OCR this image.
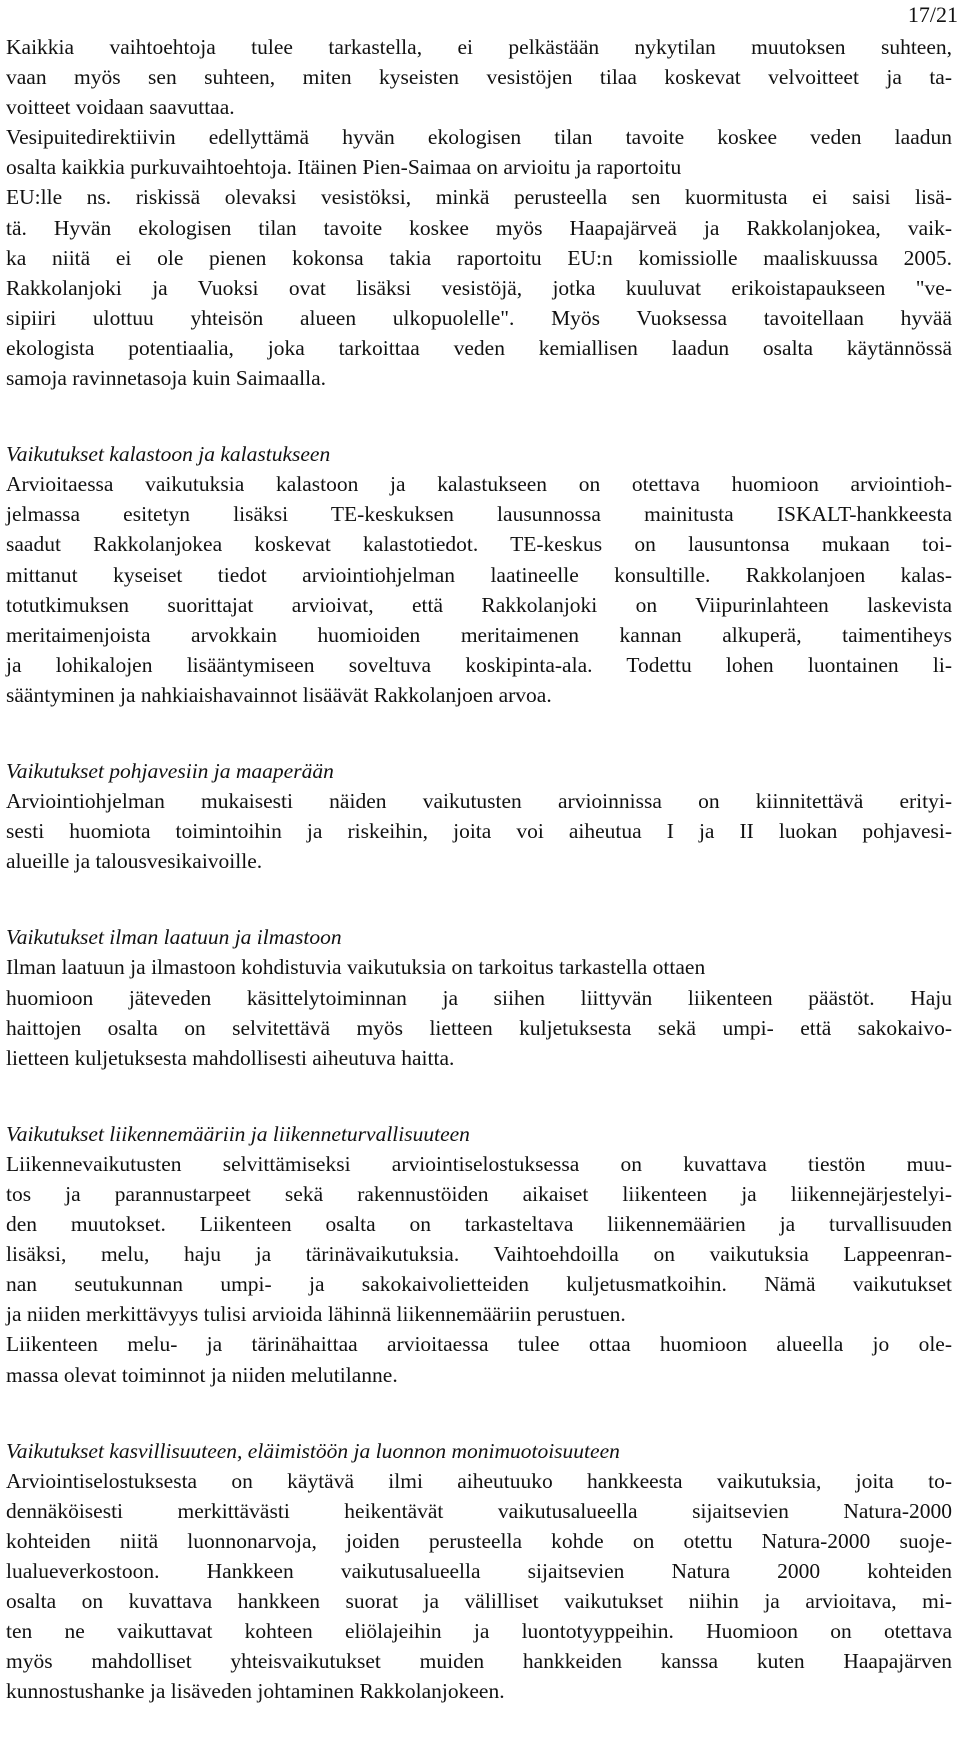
17/21
Kaikkia vaihtoehtoja tulee tarkastella, ei pelkästään nykytilan muutoksen suhteen,
vaan myös sen suhteen, miten kyseisten vesistöjen tilaa koskevat velvoitteet ja ta-
voitteet voidaan saavuttaa.
Vesipuitedirektiivin edellyttämä hyvän ekologisen tilan tavoite koskee veden laadun
osalta kaikkia purkuvaihtoehtoja. Itäinen Pien-Saimaa on arvioitu ja raportoitu
EU:lle ns. riskissä olevaksi vesistöksi, minkä perusteella sen kuormitusta ei saisi lisä-
tä. Hyvän ekologisen tilan tavoite koskee myös Haapajärveä ja Rakkolanjokea, vaik-
ka niitä ei ole pienen kokonsa takia raportoitu EU:n komissiolle maaliskuussa 2005.
Rakkolanjoki ja Vuoksi ovat lisäksi vesistöjä, jotka kuuluvat erikoistapaukseen "ve-
sipiiri ulottuu yhteisön alueen ulkopuolelle". Myös Vuoksessa tavoitellaan hyvää
ekologista potentiaalia, joka tarkoittaa veden kemiallisen laadun osalta käytännössä
samoja ravinnetasoja kuin Saimaalla.
Vaikutukset kalastoon ja kalastukseen
Arvioitaessa vaikutuksia kalastoon ja kalastukseen on otettava huomioon arviointioh-
jelmassa esitetyn lisäksi TE-keskuksen lausunnossa mainitusta ISKALT-hankkeesta
saadut Rakkolanjokea koskevat kalastotiedot. TE-keskus on lausuntonsa mukaan toi-
mittanut kyseiset tiedot arviointiohjelman laatineelle konsultille. Rakkolanjoen kalas-
totutkimuksen suorittajat arvioivat, että Rakkolanjoki on Viipurinlahteen laskevista
meritaimenjoista arvokkain huomioiden meritaimenen kannan alkuperä, taimentiheys
ja lohikalojen lisääntymiseen soveltuva koskipinta-ala. Todettu lohen luontainen li-
sääntyminen ja nahkiaishavainnot lisäävät Rakkolanjoen arvoa.
Vaikutukset pohjavesiin ja maaperään
Arviointiohjelman mukaisesti näiden vaikutusten arvioinnissa on kiinnitettävä erityi-
sesti huomiota toimintoihin ja riskeihin, joita voi aiheutua I ja II luokan pohjavesi-
alueille ja talousvesikaivoille.
Vaikutukset ilman laatuun ja ilmastoon
Ilman laatuun ja ilmastoon kohdistuvia vaikutuksia on tarkoitus tarkastella ottaen
huomioon jäteveden käsittelytoiminnan ja siihen liittyvän liikenteen päästöt. Haju
haittojen osalta on selvitettävä myös lietteen kuljetuksesta sekä umpi- että sakokaivo-
lietteen kuljetuksesta mahdollisesti aiheutuva haitta.
Vaikutukset liikennemääriin ja liikenneturvallisuuteen
Liikennevaikutusten selvittämiseksi arviointiselostuksessa on kuvattava tiestön muu-
tos ja parannustarpeet sekä rakennustöiden aikaiset liikenteen ja liikennejärjestelyi-
den muutokset. Liikenteen osalta on tarkasteltava liikennemäärien ja turvallisuuden
lisäksi, melu, haju ja tärinävaikutuksia. Vaihtoehdoilla on vaikutuksia Lappeenran-
nan seutukunnan umpi- ja sakokaivolietteiden kuljetusmatkoihin. Nämä vaikutukset
ja niiden merkittävyys tulisi arvioida lähinnä liikennemääriin perustuen.
Liikenteen melu- ja tärinähaittaa arvioitaessa tulee ottaa huomioon alueella jo ole-
massa olevat toiminnot ja niiden melutilanne.
Vaikutukset kasvillisuuteen, eläimistöön ja luonnon monimuotoisuuteen
Arviointiselostuksesta on käytävä ilmi aiheutuuko hankkeesta vaikutuksia, joita to-
dennäköisesti merkittävästi heikentävät vaikutusalueella sijaitsevien Natura-2000
kohteiden niitä luonnonarvoja, joiden perusteella kohde on otettu Natura-2000 suoje-
lualueverkostoon. Hankkeen vaikutusalueella sijaitsevien Natura 2000 kohteiden
osalta on kuvattava hankkeen suorat ja välilliset vaikutukset niihin ja arvioitava, mi-
ten ne vaikuttavat kohteen eliölajeihin ja luontotyyppeihin. Huomioon on otettava
myös mahdolliset yhteisvaikutukset muiden hankkeiden kanssa kuten Haapajärven
kunnostushanke ja lisäveden johtaminen Rakkolanjokeen.
